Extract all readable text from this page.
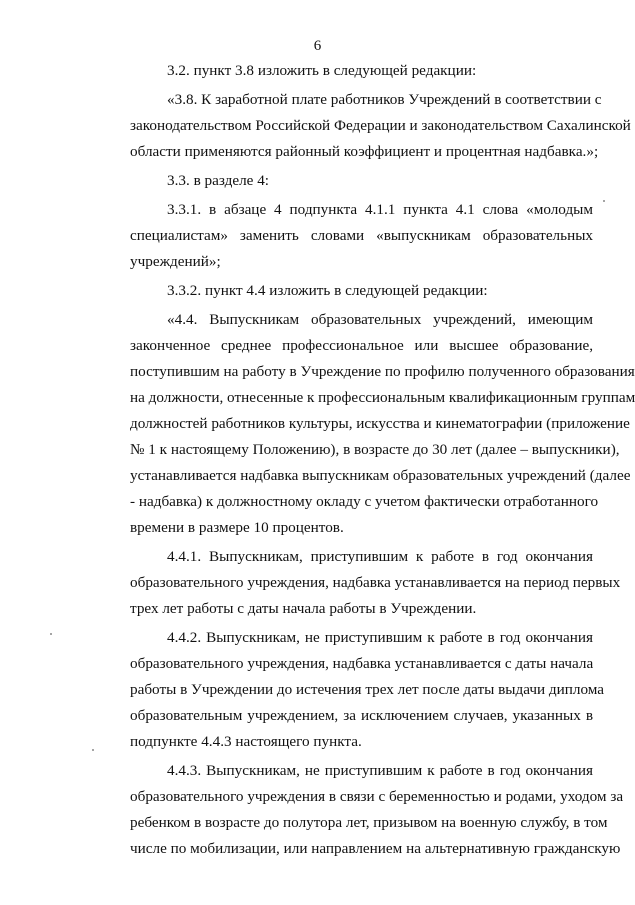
6

3.2. пункт 3.8 изложить в следующей редакции:

«3.8. К заработной плате работников Учреждений в соответствии с
законодательством Российской Федерации и законодательством Сахалинской
области применяются районный коэффициент и процентная надбавка.»;

3.3. в разделе 4:

3.3.1. в абзаце 4 подпункта 4.1.1 пункта 4.1 слова «молодым
специалистам» заменить словами «выпускникам образовательных
учреждений»;

3.3.2. пункт 4.4 изложить в следующей редакции:

«4.4. Выпускникам образовательных учреждений, имеющим
законченное среднее профессиональное или высшее образование,
поступившим на работу в Учреждение по профилю полученного образования
на должности, отнесенные к профессиональным квалификационным группам
должностей работников культуры, искусства и кинематографии (приложение
№ 1 к настоящему Положению), в возрасте до 30 лет (далее – выпускники),
устанавливается надбавка выпускникам образовательных учреждений (далее
- надбавка) к должностному окладу с учетом фактически отработанного
времени в размере 10 процентов.

4.4.1. Выпускникам, приступившим к работе в год окончания
образовательного учреждения, надбавка устанавливается на период первых
трех лет работы с даты начала работы в Учреждении.

4.4.2. Выпускникам, не приступившим к работе в год окончания
образовательного учреждения, надбавка устанавливается с даты начала
работы в Учреждении до истечения трех лет после даты выдачи диплома
образовательным учреждением, за исключением случаев, указанных в
подпункте 4.4.3 настоящего пункта.

4.4.3. Выпускникам, не приступившим к работе в год окончания
образовательного учреждения в связи с беременностью и родами, уходом за
ребенком в возрасте до полутора лет, призывом на военную службу, в том
числе по мобилизации, или направлением на альтернативную гражданскую
